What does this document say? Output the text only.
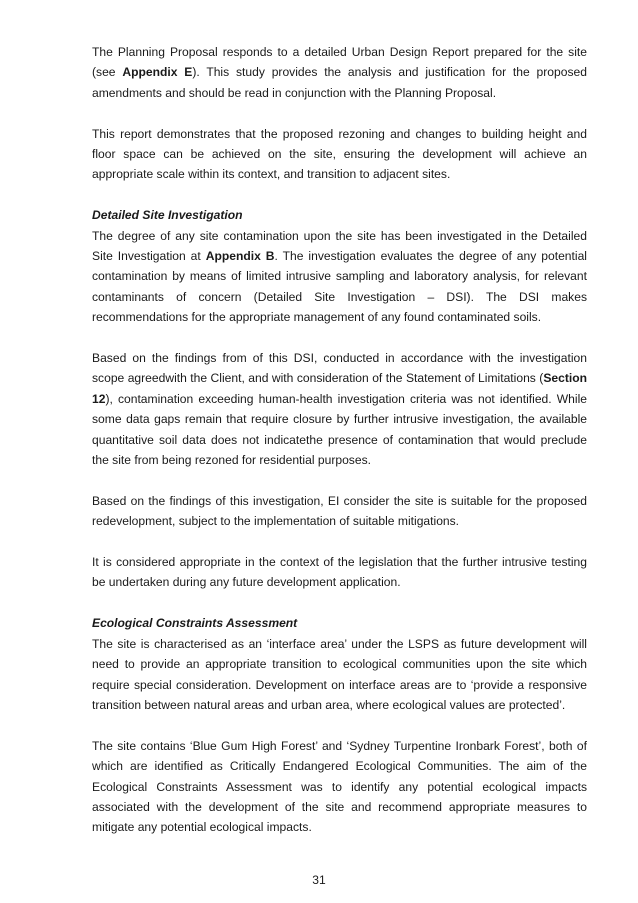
The Planning Proposal responds to a detailed Urban Design Report prepared for the site (see Appendix E). This study provides the analysis and justification for the proposed amendments and should be read in conjunction with the Planning Proposal.

This report demonstrates that the proposed rezoning and changes to building height and floor space can be achieved on the site, ensuring the development will achieve an appropriate scale within its context, and transition to adjacent sites.

Detailed Site Investigation

The degree of any site contamination upon the site has been investigated in the Detailed Site Investigation at Appendix B. The investigation evaluates the degree of any potential contamination by means of limited intrusive sampling and laboratory analysis, for relevant contaminants of concern (Detailed Site Investigation – DSI). The DSI makes recommendations for the appropriate management of any found contaminated soils.

Based on the findings from of this DSI, conducted in accordance with the investigation scope agreedwith the Client, and with consideration of the Statement of Limitations (Section 12), contamination exceeding human-health investigation criteria was not identified. While some data gaps remain that require closure by further intrusive investigation, the available quantitative soil data does not indicatethe presence of contamination that would preclude the site from being rezoned for residential purposes.

Based on the findings of this investigation, EI consider the site is suitable for the proposed redevelopment, subject to the implementation of suitable mitigations.

It is considered appropriate in the context of the legislation that the further intrusive testing be undertaken during any future development application.

Ecological Constraints Assessment

The site is characterised as an ‘interface area’ under the LSPS as future development will need to provide an appropriate transition to ecological communities upon the site which require special consideration. Development on interface areas are to ‘provide a responsive transition between natural areas and urban area, where ecological values are protected’.

The site contains ‘Blue Gum High Forest’ and ‘Sydney Turpentine Ironbark Forest’, both of which are identified as Critically Endangered Ecological Communities. The aim of the Ecological Constraints Assessment was to identify any potential ecological impacts associated with the development of the site and recommend appropriate measures to mitigate any potential ecological impacts.

31
